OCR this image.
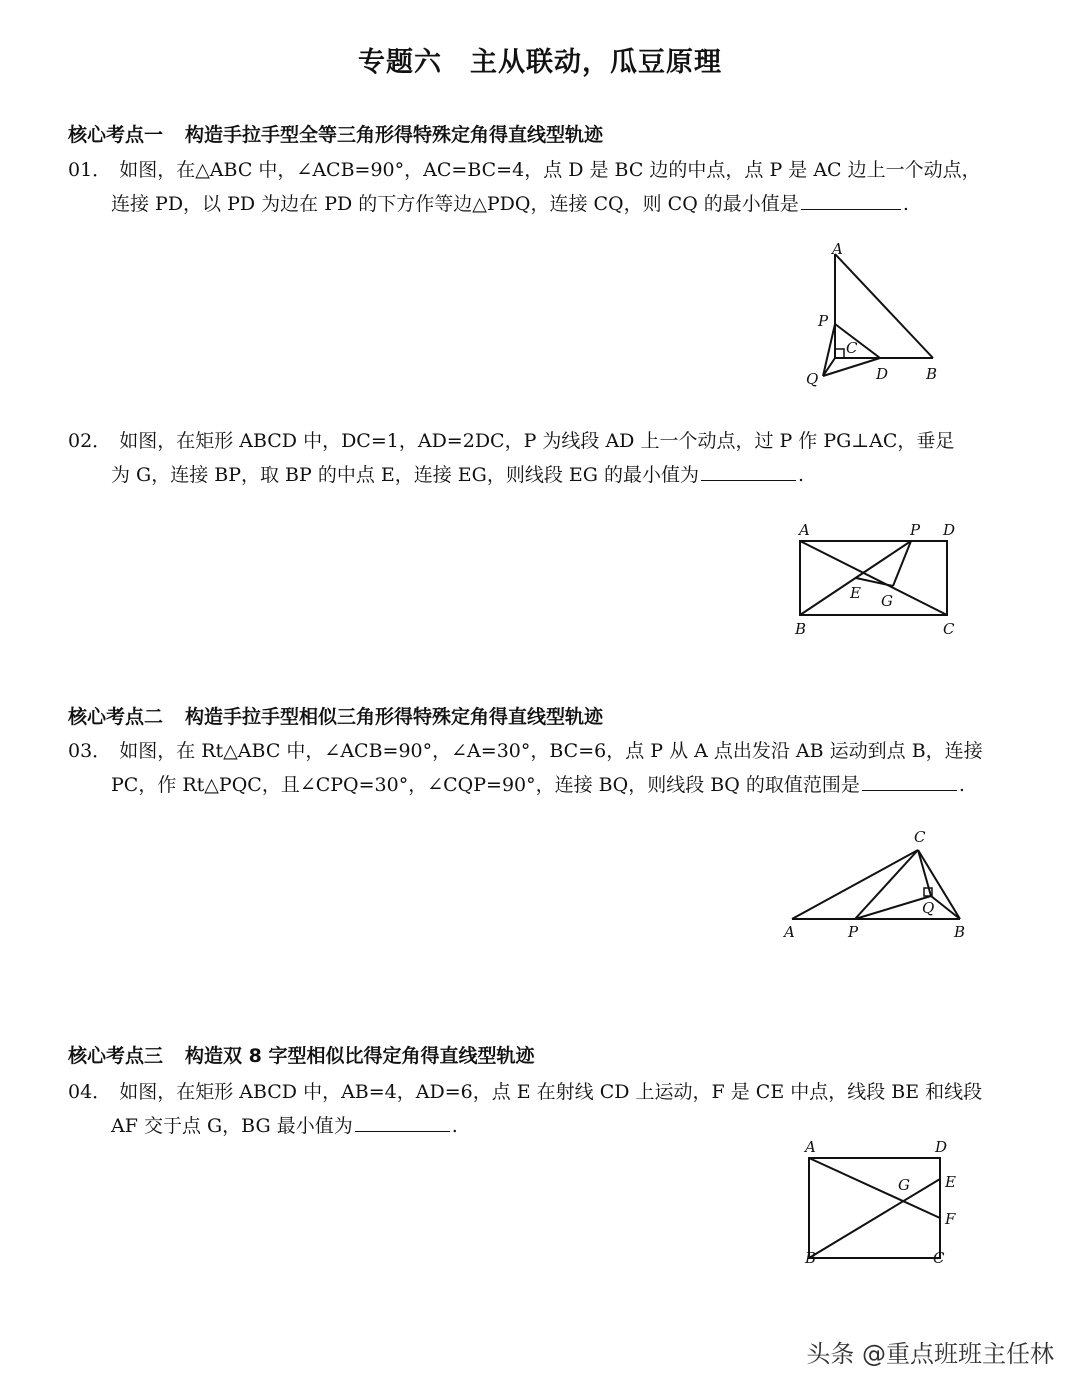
专题六　主从联动，瓜豆原理
核心考点一 构造手拉手型全等三角形得特殊定角得直线型轨迹
01． 如图，在△ABC 中，∠ACB=90°，AC=BC=4，点 D 是 BC 边的中点，点 P 是 AC 边上一个动点，
连接 PD，以 PD 为边在 PD 的下方作等边△PDQ，连接 CQ，则 CQ 的最小值是	.
A
P
C
Q	D	B
02． 如图，在矩形 ABCD 中，DC=1，AD=2DC，P 为线段 AD 上一个动点，过 P 作 PG⊥AC，垂足
为 G，连接 BP，取 BP 的中点 E，连接 EG，则线段 EG 的最小值为	.
A	P D
E G
B	C
核心考点二 构造手拉手型相似三角形得特殊定角得直线型轨迹
03． 如图，在 Rt△ABC 中，∠ACB=90°，∠A=30°，BC=6，点 P 从 A 点出发沿 AB 运动到点 B，连接
PC，作 Rt△PQC，且∠CPQ=30°，∠CQP=90°，连接 BQ，则线段 BQ 的取值范围是	.
C
Q
A	P	B
核心考点三 构造双 8 字型相似比得定角得直线型轨迹
04． 如图，在矩形 ABCD 中，AB=4，AD=6，点 E 在射线 CD 上运动，F 是 CE 中点，线段 BE 和线段
AF 交于点 G，BG 最小值为	.
A	D
G E
F
B	C
头条 @重点班班主任林
